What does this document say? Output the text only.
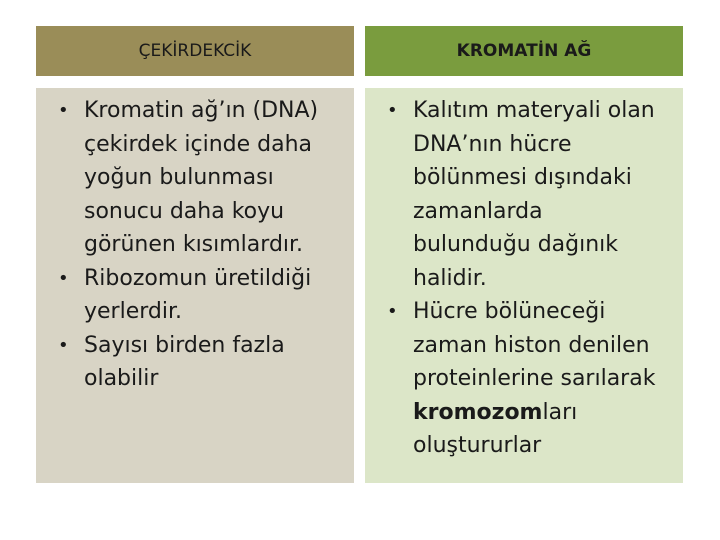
ÇEKİRDEKCİK	KROMATİN AĞ
• Kromatin ağ’ın (DNA) çekirdek içinde daha yoğun bulunması sonucu daha koyu görünen kısımlardır.
• Ribozomun üretildiği yerlerdir.
• Sayısı birden fazla olabilir
• Kalıtım materyali olan DNA’nın hücre bölünmesi dışındaki zamanlarda bulunduğu dağınık halidir.
• Hücre bölüneceği zaman histon denilen proteinlerine sarılarak kromozomları oluştururlar
